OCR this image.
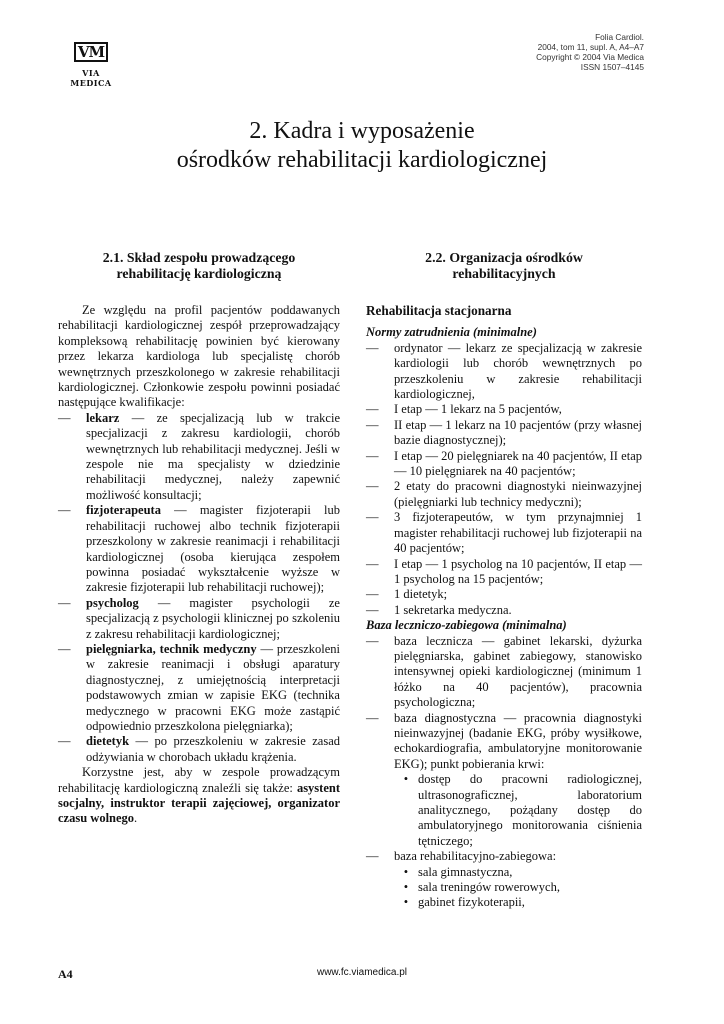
VM
VIA MEDICA
Folia Cardiol.
2004, tom 11, supl. A, A4–A7
Copyright © 2004 Via Medica
ISSN 1507–4145
2. Kadra i wyposażenie
ośrodków rehabilitacji kardiologicznej
2.1. Skład zespołu prowadzącego
rehabilitację kardiologiczną

Ze względu na profil pacjentów poddawanych rehabilitacji kardiologicznej zespół przeprowadzający kompleksową rehabilitację powinien być kierowany przez lekarza kardiologa lub specjalistę chorób wewnętrznych przeszkolonego w zakresie rehabilitacji kardiologicznej. Członkowie zespołu powinni posiadać następujące kwalifikacje:

—	lekarz — ze specjalizacją lub w trakcie specjalizacji z zakresu kardiologii, chorób wewnętrznych lub rehabilitacji medycznej. Jeśli w zespole nie ma specjalisty w dziedzinie rehabilitacji medycznej, należy zapewnić możliwość konsultacji;
—	fizjoterapeuta — magister fizjoterapii lub rehabilitacji ruchowej albo technik fizjoterapii przeszkolony w zakresie reanimacji i rehabilitacji kardiologicznej (osoba kierująca zespołem powinna posiadać wykształcenie wyższe w zakresie fizjoterapii lub rehabilitacji ruchowej);
—	psycholog — magister psychologii ze specjalizacją z psychologii klinicznej po szkoleniu z zakresu rehabilitacji kardiologicznej;
—	pielęgniarka, technik medyczny — przeszkoleni w zakresie reanimacji i obsługi aparatury diagnostycznej, z umiejętnością interpretacji podstawowych zmian w zapisie EKG (technika medycznego w pracowni EKG może zastąpić odpowiednio przeszkolona pielęgniarka);
—	dietetyk — po przeszkoleniu w zakresie zasad odżywiania w chorobach układu krążenia.

Korzystne jest, aby w zespole prowadzącym rehabilitację kardiologiczną znaleźli się także: asystent socjalny, instruktor terapii zajęciowej, organizator czasu wolnego.

2.2. Organizacja ośrodków
rehabilitacyjnych
Rehabilitacja stacjonarna
Normy zatrudnienia (minimalne)
—	ordynator — lekarz ze specjalizacją w zakresie kardiologii lub chorób wewnętrznych po przeszkoleniu w zakresie rehabilitacji kardiologicznej,
—	I etap — 1 lekarz na 5 pacjentów,
—	II etap — 1 lekarz na 10 pacjentów (przy własnej bazie diagnostycznej);
—	I etap — 20 pielęgniarek na 40 pacjentów, II etap — 10 pielęgniarek na 40 pacjentów;
—	2 etaty do pracowni diagnostyki nieinwazyjnej (pielęgniarki lub technicy medyczni);
—	3 fizjoterapeutów, w tym przynajmniej 1 magister rehabilitacji ruchowej lub fizjoterapii na 40 pacjentów;
—	I etap — 1 psycholog na 10 pacjentów, II etap — 1 psycholog na 15 pacjentów;
—	1 dietetyk;
—	1 sekretarka medyczna.
Baza leczniczo-zabiegowa (minimalna)
—	baza lecznicza — gabinet lekarski, dyżurka pielęgniarska, gabinet zabiegowy, stanowisko intensywnej opieki kardiologicznej (minimum 1 łóżko na 40 pacjentów), pracownia psychologiczna;
—	baza diagnostyczna — pracownia diagnostyki nieinwazyjnej (badanie EKG, próby wysiłkowe, echokardiografia, ambulatoryjne monitorowanie EKG); punkt pobierania krwi:
• dostęp do pracowni radiologicznej, ultrasonograficznej, laboratorium analitycznego, pożądany dostęp do ambulatoryjnego monitorowania ciśnienia tętniczego;
—	baza rehabilitacyjno-zabiegowa:
• sala gimnastyczna,
• sala treningów rowerowych,
• gabinet fizykoterapii,
A4	www.fc.viamedica.pl
